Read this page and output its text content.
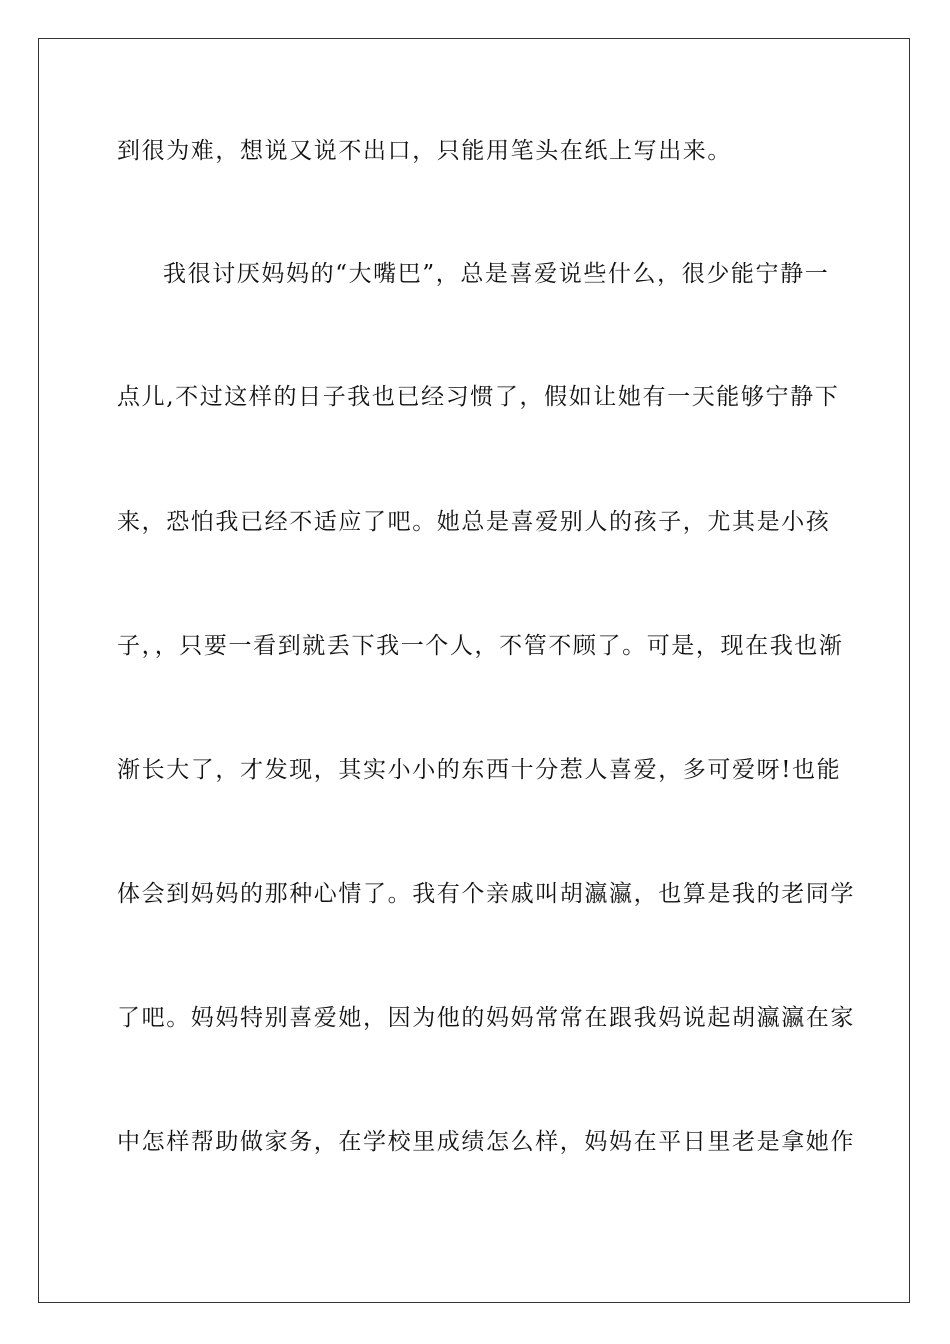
到很为难，想说又说不出口，只能用笔头在纸上写出来。
我很讨厌妈妈的“大嘴巴”，总是喜爱说些什么，很少能宁静一
点儿,不过这样的日子我也已经习惯了，假如让她有一天能够宁静下
来，恐怕我已经不适应了吧。她总是喜爱别人的孩子，尤其是小孩
子，，只要一看到就丢下我一个人，不管不顾了。可是，现在我也渐
渐长大了，才发现，其实小小的东西十分惹人喜爱，多可爱呀!也能
体会到妈妈的那种心情了。我有个亲戚叫胡瀛瀛，也算是我的老同学
了吧。妈妈特别喜爱她，因为他的妈妈常常在跟我妈说起胡瀛瀛在家
中怎样帮助做家务，在学校里成绩怎么样，妈妈在平日里老是拿她作
